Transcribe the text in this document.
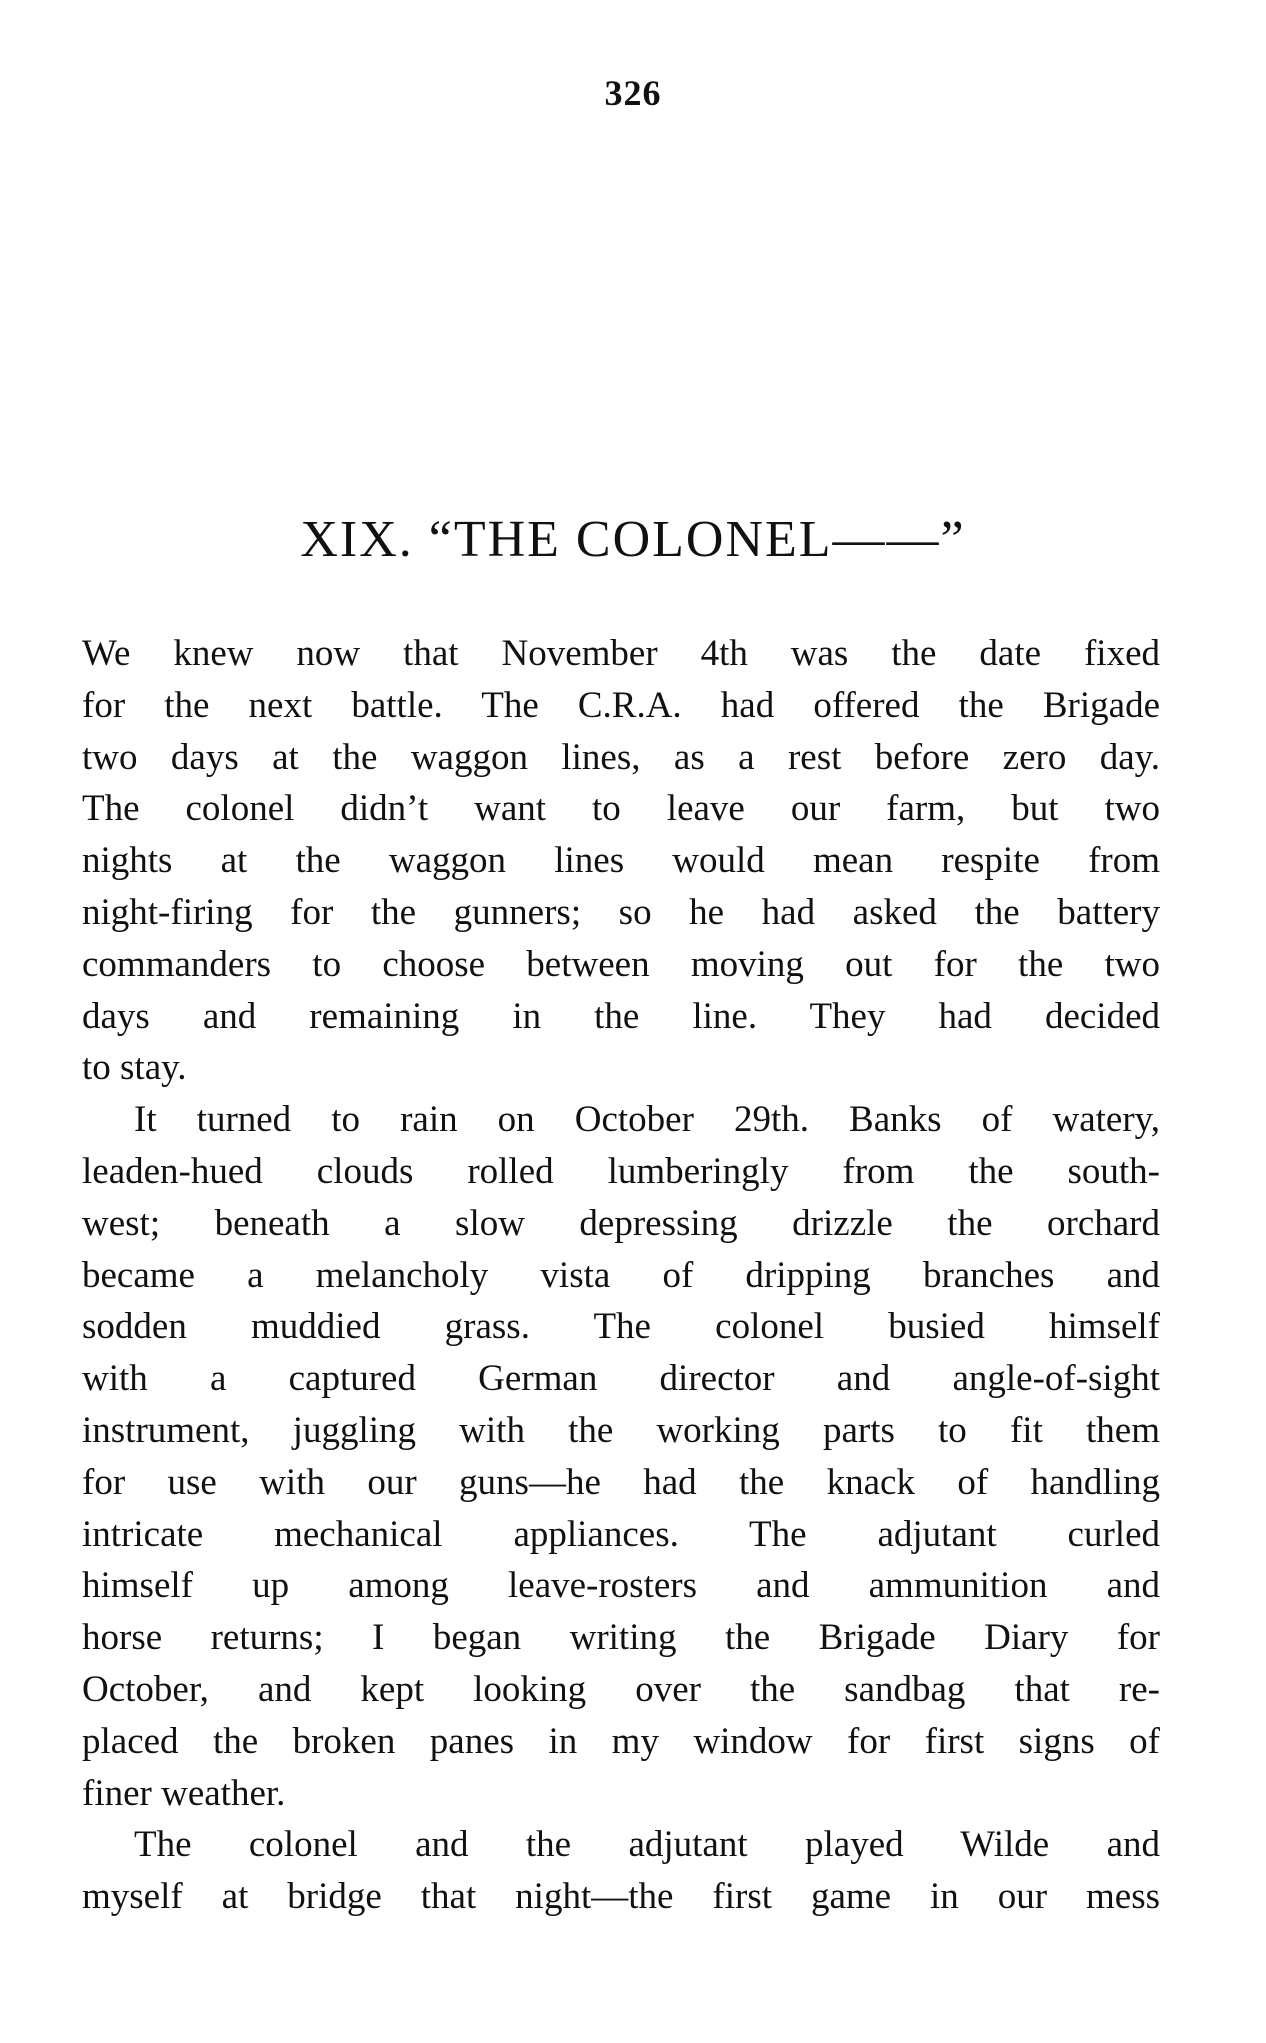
326
XIX. “THE COLONEL——”

We knew now that November 4th was the date fixed
for the next battle. The C.R.A. had offered the Brigade
two days at the waggon lines, as a rest before zero day.
The colonel didn’t want to leave our farm, but two
nights at the waggon lines would mean respite from
night-firing for the gunners; so he had asked the battery
commanders to choose between moving out for the two
days and remaining in the line. They had decided
to stay.

It turned to rain on October 29th. Banks of watery,
leaden-hued clouds rolled lumberingly from the south-
west; beneath a slow depressing drizzle the orchard
became a melancholy vista of dripping branches and
sodden muddied grass. The colonel busied himself
with a captured German director and angle-of-sight
instrument, juggling with the working parts to fit them
for use with our guns—he had the knack of handling
intricate mechanical appliances. The adjutant curled
himself up among leave-rosters and ammunition and
horse returns; I began writing the Brigade Diary for
October, and kept looking over the sandbag that re-
placed the broken panes in my window for first signs of
finer weather.

The colonel and the adjutant played Wilde and
myself at bridge that night—the first game in our mess
